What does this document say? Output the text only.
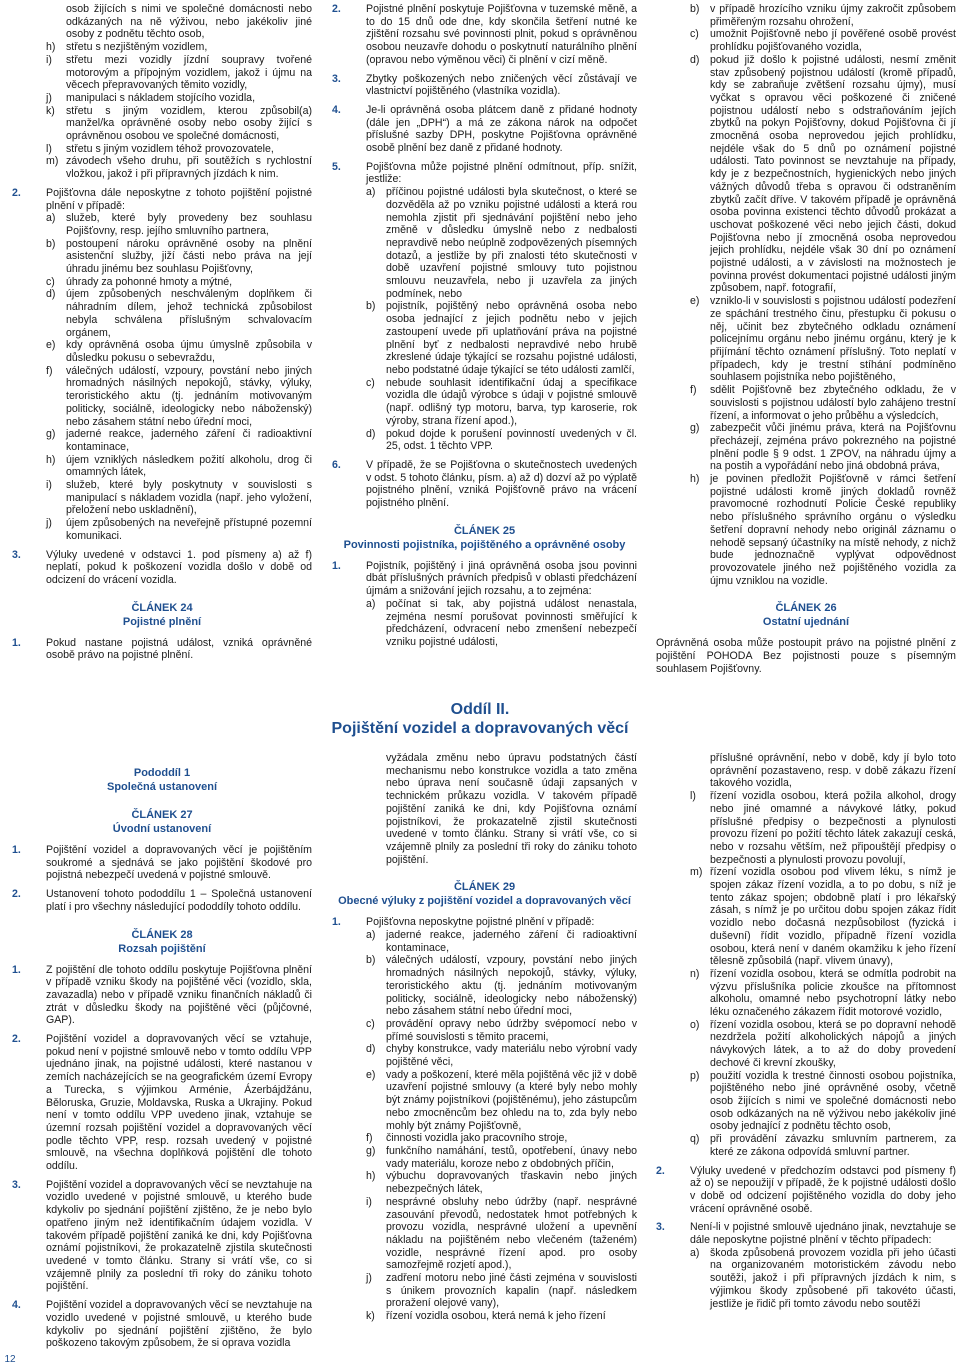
osob žijících s nimi ve společné domácnosti nebo odkázaných na ně výživou, nebo jakékoliv jiné osoby z podnětu těchto osob,

h) střetu s nezjištěným vozidlem,

i) střetu mezi vozidly jízdní soupravy tvořené motorovým a přípojným vozidlem, jakož i újmu na věcech přepravovaných těmito vozidly,

j) manipulaci s nákladem stojícího vozidla,

k) střetu s jiným vozidlem, kterou způsobil(a) manžel/ka oprávněné osoby nebo osoby žijící s oprávněnou osobou ve společné domácnosti,

l) střetu s jiným vozidlem téhož provozovatele,

m) závodech všeho druhu, při soutěžích s rychlostní vložkou, jakož i při přípravných jízdách k nim.

2. Pojišťovna dále neposkytne z tohoto pojištění pojistné plnění v případě:

a) služeb, které byly provedeny bez souhlasu Pojišťovny, resp. jejího smluvního partnera,

b) postoupení nároku oprávněné osoby na plnění asistenční služby, jiží části nebo práva na její úhradu jinému bez souhlasu Pojišťovny,

c) úhrady za pohonné hmoty a mýtné,

d) újem způsobených neschváleným doplňkem či náhradním dílem, jehož technická způsobilost nebyla schválena příslušným schvalovacím orgánem,

e) kdy oprávněná osoba újmu úmyslně způsobila v důsledku pokusu o sebevraždu,

f) válečných událostí, vzpoury, povstání nebo jiných hromadných násilných nepokojů, stávky, výluky, teroristického aktu (tj. jednáním motivovaným politicky, sociálně, ideologicky nebo náboženský) nebo zásahem státní nebo úřední moci,

g) jaderné reakce, jaderného záření či radioaktivní kontaminace,

h) újem vzniklých následkem požití alkoholu, drog či omamných látek,

i) služeb, které byly poskytnuty v souvislosti s manipulací s nákladem vozidla (např. jeho vyložení, přeložení nebo uskladnění),

j) újem způsobených na neveřejně přístupné pozemní komunikaci.

3. Výluky uvedené v odstavci 1. pod písmeny a) až f) neplatí, pokud k poškození vozidla došlo v době od odcizení do vrácení vozidla.

ČLÁNEK 24
Pojistné plnění

1. Pokud nastane pojistná událost, vzniká oprávněné osobě právo na pojistné plnění.

2. Pojistné plnění poskytuje Pojišťovna v tuzemské měně, a to do 15 dnů ode dne, kdy skončila šetření nutné ke zjištění rozsahu své povinnosti plnit, pokud s oprávněnou osobou neuzavře dohodu o poskytnutí naturálního plnění (opravou nebo výměnou věci) či plnění v cizí měně.

3. Zbytky poškozených nebo zničených věcí zůstávají ve vlastnictví pojištěného (vlastníka vozidla).

4. Je-li oprávněná osoba plátcem daně z přidané hodnoty (dále jen „DPH“) a má ze zákona nárok na odpočet příslušné sazby DPH, poskytne Pojišťovna oprávněné osobě plnění bez daně z přidané hodnoty.

5. Pojišťovna může pojistné plnění odmítnout, příp. snížit, jestliže:

a) příčinou pojistné události byla skutečnost, o které se dozvěděla až po vzniku pojistné události a která rou nemohla zjistit při sjednávání pojištění nebo jeho změně v důsledku úmyslně nebo z nedbalosti nepravdivě nebo neúplně zodpovězených písemných dotazů, a jestliže by při znalosti této skutečnosti v době uzavření pojistné smlouvy tuto pojistnou smlouvu neuzavřela, nebo ji uzavřela za jiných podmínek, nebo

b) pojistník, pojištěný nebo oprávněná osoba nebo osoba jednající z jejich podnětu nebo v jejich zastoupení uvede při uplatňování práva na pojistné plnění byť z nedbalosti nepravdivé nebo hrubě zkreslené údaje týkající se rozsahu pojistné události, nebo podstatné údaje týkající se této události zamlčí,

c) nebude souhlasit identifikační údaj a specifikace vozidla dle údajů výrobce s údaji v pojistné smlouvě (např. odlišný typ motoru, barva, typ karoserie, rok výroby, strana řízení apod.),

d) pokud dojde k porušení povinností uvedených v čl. 25, odst. 1 těchto VPP.

6. V případě, že se Pojišťovna o skutečnostech uvedených v odst. 5 tohoto článku, písm. a) až d) dozví až po výplatě pojistného plnění, vzniká Pojišťovně právo na vrácení pojistného plnění.

ČLÁNEK 25
Povinnosti pojistníka, pojištěného a oprávněné osoby

1. Pojistník, pojištěný i jiná oprávněná osoba jsou povinni dbát příslušných právních předpisů v oblasti předcházení újmám a snižování jejich rozsahu, a to zejména:

a) počínat si tak, aby pojistná událost nenastala, zejména nesmí porušovat povinnosti směřující k předcházení, odvracení nebo zmenšení nebezpečí vzniku pojistné události,

b) v případě hrozícího vzniku újmy zakročit způsobem přiměřeným rozsahu ohrožení,

c) umožnit Pojišťovně nebo jí pověřené osobě provést prohlídku pojišťovaného vozidla,

d) pokud již došlo k pojistné události, nesmí změnit stav způsobený pojistnou událostí (kromě případů, kdy se zabraňuje zvětšení rozsahu újmy), musí vyčkat s opravou věci poškozené či zničené pojistnou událostí nebo s odstraňováním jejích zbytků na pokyn Pojišťovny, dokud Pojišťovna či jí zmocněná osoba neprovedou jejich prohlídku, nejdéle však do 5 dnů po oznámení pojistné události. Tato povinnost se nevztahuje na případy, kdy je z bezpečnostních, hygienických nebo jiných vážných důvodů třeba s opravou či odstraněním zbytků začít dříve. V takovém případě je oprávněná osoba povinna existenci těchto důvodů prokázat a uschovat poškozené věci nebo jejich části, dokud Pojišťovna nebo jí zmocněná osoba neprovedou jejich prohlídku, nejdéle však 30 dní po oznámení pojistné události, a v závislosti na možnostech je povinna provést dokumentaci pojistné události jiným způsobem, např. fotografií,

e) vzniklo-li v souvislosti s pojistnou událostí podezření ze spáchání trestného činu, přestupku či pokusu o něj, učinit bez zbytečného odkladu oznámení policejnímu orgánu nebo jinému orgánu, který je k přijímání těchto oznámení příslušný. Toto neplatí v případech, kdy je trestní stíhání podmíněno souhlasem pojistníka nebo pojištěného,

f) sdělit Pojišťovně bez zbytečného odkladu, že v souvislosti s pojistnou událostí bylo zahájeno trestní řízení, a informovat o jeho průběhu a výsledcích,

g) zabezpečit vůči jinému práva, která na Pojišťovnu přecházejí, zejména právo pokrezného na pojistné plnění podle § 9 odst. 1 ZPOV, na náhradu újmy a na postih a vypořádání nebo jiná obdobná práva,

h) je povinen předložit Pojišťovně v rámci šetření pojistné události kromě jiných dokladů rovněž pravomocné rozhodnutí Policie České republiky nebo příslušného správního orgánu o výsledku šetření dopravní nehody nebo originál záznamu o nehodě sepsaný účastníky na místě nehody, z nichž bude jednoznačně vyplývat odpovědnost provozovatele jiného než pojištěného vozidla za újmu vzniklou na vozidle.

ČLÁNEK 26
Ostatní ujednání

Oprávněná osoba může postoupit právo na pojistné plnění z pojištění POHODA Bez pojistnosti pouze s písemným souhlasem Pojišťovny.

Oddíl II.
Pojištění vozidel a dopravovaných věcí
Pododdíl 1
Společná ustanovení
ČLÁNEK 27
Úvodní ustanovení

1. Pojištění vozidel a dopravovaných věcí je pojištěním soukromé a sjednává se jako pojištění škodové pro pojistná nebezpečí uvedená v pojistné smlouvě.

2. Ustanovení tohoto pododdílu 1 – Společná ustanovení platí i pro všechny následující pododdíly tohoto oddílu.

ČLÁNEK 28
Rozsah pojištění

1. Z pojištění dle tohoto oddílu poskytuje Pojišťovna plnění v případě vzniku škody na pojištěné věci (vozidlo, skla, zavazadla) nebo v případě vzniku finančních nákladů či ztrát v důsledku škody na pojištěné věci (půjčovné, GAP).

2. Pojištění vozidel a dopravovaných věcí se vztahuje, pokud není v pojistné smlouvě nebo v tomto oddílu VPP ujednáno jinak, na pojistné události, které nastanou v zemích nacházejících se na geografickém území Evropy a Turecka, s výjimkou Arménie, Ázerbájdžánu, Běloruska, Gruzie, Moldavska, Ruska a Ukrajiny. Pokud není v tomto oddílu VPP uvedeno jinak, vztahuje se územní rozsah pojištění vozidel a dopravovaných věcí podle těchto VPP, resp. rozsah uvedený v pojistné smlouvě, na všechna doplňková pojištění dle tohoto oddílu.

3. Pojištění vozidel a dopravovaných věcí se nevztahuje na vozidlo uvedené v pojistné smlouvě, u kterého bude kdykoliv po sjednání pojištění zjištěno, že je nebo bylo opatřeno jiným než identifikačním údajem vozidla. V takovém případě pojištění zaniká ke dni, kdy Pojišťovna oznámí pojistníkovi, že prokazatelně zjistila skutečnosti uvedené v tomto článku. Strany si vrátí vše, co si vzájemně plnily za poslední tři roky do zániku tohoto pojištění.

4. Pojištění vozidel a dopravovaných věcí se nevztahuje na vozidlo uvedené v pojistné smlouvě, u kterého bude kdykoliv po sjednání pojištění zjištěno, že bylo poškozeno takovým způsobem, že si oprava vozidla

vyžádala změnu nebo úpravu podstatných částí mechanismu nebo konstrukce vozidla a tato změna nebo úprava není současně údaji zapsaných v technickém průkazu vozidla. V takovém případě pojištění zaniká ke dni, kdy Pojišťovna oznámí pojistníkovi, že prokazatelně zjistil skutečnosti uvedené v tomto článku. Strany si vrátí vše, co si vzájemně plnily za poslední tři roky do zániku tohoto pojištění.

ČLÁNEK 29
Obecné výluky z pojištění vozidel a dopravovaných věcí

1. Pojišťovna neposkytne pojistné plnění v případě:

a) jaderné reakce, jaderného záření či radioaktivní kontaminace,

b) válečných událostí, vzpoury, povstání nebo jiných hromadných násilných nepokojů, stávky, výluky, teroristického aktu (tj. jednáním motivovaným politicky, sociálně, ideologicky nebo náboženský) nebo zásahem státní nebo úřední moci,

c) provádění opravy nebo údržby svépomocí nebo v přímé souvislosti s těmito pracemi,

d) chyby konstrukce, vady materiálu nebo výrobní vady pojištěné věci,

e) vady a poškození, které měla pojištěná věc již v době uzavření pojistné smlouvy (a které byly nebo mohly být známy pojistníkovi (pojištěnému), jeho zástupcům nebo zmocněncům bez ohledu na to, zda byly nebo mohly být známy Pojišťovně,

f) činnosti vozidla jako pracovního stroje,

g) funkčního namáhání, testů, opotřebení, únavy nebo vady materiálu, koroze nebo z obdobných příčin,

h) výbuchu dopravovaných třaskavin nebo jiných nebezpečných látek,

i) nesprávné obsluhy nebo údržby (např. nesprávné zasouvání převodů, nedostatek hmot potřebných k provozu vozidla, nesprávné uložení a upevnění nákladu na pojištěném nebo vlečeném (taženém) vozidle, nesprávné řízení apod. pro osoby samozřejmě rozjetí apod.),

j) zadření motoru nebo jiné části zejména v souvislosti s únikem provozních kapalin (např. následkem proražení olejové vany),

k) řízení vozidla osobou, která nemá k jeho řízení

příslušné oprávnění, nebo v době, kdy jí bylo toto oprávnění pozastaveno, resp. v době zákazu řízení takového vozidla,

l) řízení vozidla osobou, která požila alkohol, drogy nebo jiné omamné a návykové látky, pokud příslušné předpisy o bezpečnosti a plynulosti provozu řízení po požití těchto látek zakazují ceská, nebo v rozsahu větším, než připouštějí předpisy o bezpečnosti a plynulosti provozu povolují,

m) řízení vozidla osobou pod vlivem léku, s nímž je spojen zákaz řízení vozidla, a to po dobu, s níž je tento zákaz spojen; obdobně platí i pro lékařský zásah, s nímž je po určitou dobu spojen zákaz řídit vozidlo nebo dočasná nezpůsobilost (fyzická i duševní) řídit vozidlo, případně řízení vozidla osobou, která není v daném okamžiku k jeho řízení tělesně způsobilá (např. vlivem únavy),

n) řízení vozidla osobou, která se odmítla podrobit na výzvu příslušníka policie zkoušce na přítomnost alkoholu, omamné nebo psychotropní látky nebo léku označeného zákazem řídit motorové vozidlo,

o) řízení vozidla osobou, která se po dopravní nehodě nezdržela požití alkoholických nápojů a jiných návykových látek, a to až do doby provedení dechové či krevní zkoušky,

p) použití vozidla k trestné činnosti osobou pojistníka, pojištěného nebo jiné oprávněné osoby, včetně osob žijících s nimi ve společné domácnosti nebo osob odkázaných na ně výživou nebo jakékoliv jiné osoby jednající z podnětu těchto osob,

q) při provádění závazku smluvním partnerem, za které ze zákona odpovídá smluvní partner.

2. Výluky uvedené v předchozím odstavci pod písmeny f) až o) se nepoužijí v případě, že k pojistné události došlo v době od odcizení pojištěného vozidla do doby jeho vrácení oprávněné osobě.

3. Není-li v pojistné smlouvě ujednáno jinak, nevztahuje se dále neposkytne pojistné plnění v těchto případech:

a) škoda způsobená provozem vozidla při jeho účasti na organizovaném motoristickém závodu nebo soutěži, jakož i při přípravných jízdách k nim, s výjimkou škody způsobené při takovéto účasti, jestliže je řidič při tomto závodu nebo soutěži

12
